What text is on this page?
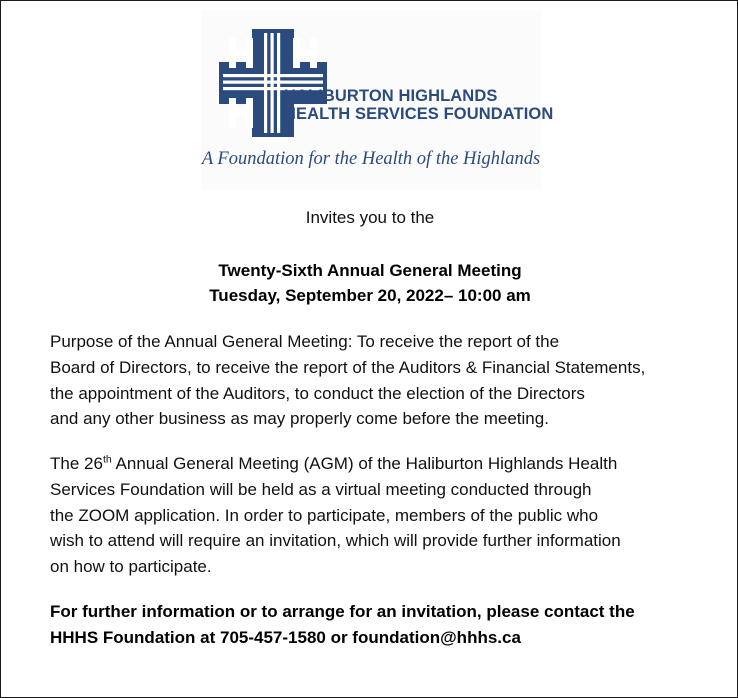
HALIBURTON HIGHLANDS
HEALTH SERVICES FOUNDATION
A Foundation for the Health of the Highlands
Invites you to the
Twenty-Sixth Annual General Meeting
Tuesday, September 20, 2022– 10:00 am
Purpose of the Annual General Meeting: To receive the report of the
Board of Directors, to receive the report of the Auditors & Financial Statements,
the appointment of the Auditors, to conduct the election of the Directors
and any other business as may properly come before the meeting.
The 26th Annual General Meeting (AGM) of the Haliburton Highlands Health
Services Foundation will be held as a virtual meeting conducted through
the ZOOM application. In order to participate, members of the public who
wish to attend will require an invitation, which will provide further information
on how to participate.
For further information or to arrange for an invitation, please contact the
HHHS Foundation at 705-457-1580 or foundation@hhhs.ca
